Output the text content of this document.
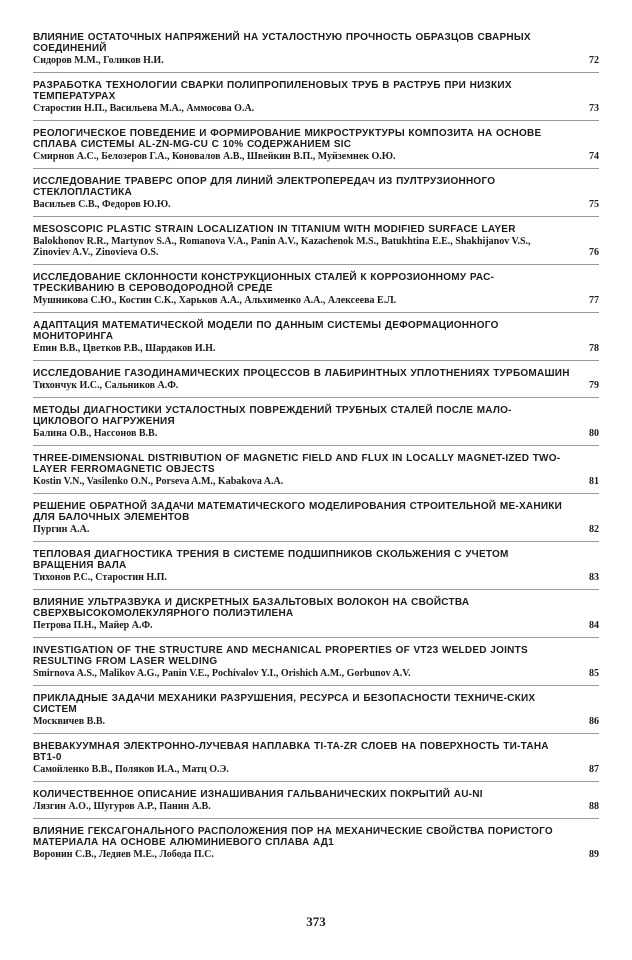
ВЛИЯНИЕ ОСТАТОЧНЫХ НАПРЯЖЕНИЙ НА УСТАЛОСТНУЮ ПРОЧНОСТЬ ОБРАЗЦОВ СВАРНЫХ СОЕДИНЕНИЙ
Сидоров М.М., Голиков Н.И.	72
РАЗРАБОТКА ТЕХНОЛОГИИ СВАРКИ ПОЛИПРОПИЛЕНОВЫХ ТРУБ В РАСТРУБ ПРИ НИЗКИХ ТЕМПЕРАТУРАХ
Старостин Н.П., Васильева М.А., Аммосова О.А.	73
РЕОЛОГИЧЕСКОЕ ПОВЕДЕНИЕ И ФОРМИРОВАНИЕ МИКРОСТРУКТУРЫ КОМПОЗИТА НА ОСНОВЕ СПЛАВА СИСТЕМЫ AL-ZN-MG-CU С 10% СОДЕРЖАНИЕМ SIC
Смирнов А.С., Белозеров Г.А., Коновалов А.В., Швейкин В.П., Муйземнек О.Ю.	74
ИССЛЕДОВАНИЕ ТРАВЕРС ОПОР ДЛЯ ЛИНИЙ ЭЛЕКТРОПЕРЕДАЧ ИЗ ПУЛТРУЗИОННОГО СТЕКЛОПЛАСТИКА
Васильев С.В., Федоров Ю.Ю.	75
MESOSCOPIC PLASTIC STRAIN LOCALIZATION IN TITANIUM WITH MODIFIED SURFACE LAYER
Balokhonov R.R., Martynov S.A., Romanova V.A., Panin A.V., Kazachenok M.S., Batukhtina E.E., Shakhijanov V.S., Zinoviev A.V., Zinovieva O.S.	76
ИССЛЕДОВАНИЕ СКЛОННОСТИ КОНСТРУКЦИОННЫХ СТАЛЕЙ К КОРРОЗИОННОМУ РАС-ТРЕСКИВАНИЮ В СЕРОВОДОРОДНОЙ СРЕДЕ
Мушникова С.Ю., Костин С.К., Харьков А.А., Альхименко А.А., Алексеева Е.Л.	77
АДАПТАЦИЯ МАТЕМАТИЧЕСКОЙ МОДЕЛИ ПО ДАННЫМ СИСТЕМЫ ДЕФОРМАЦИОННОГО МОНИТОРИНГА
Епин В.В., Цветков Р.В., Шардаков И.Н.	78
ИССЛЕДОВАНИЕ ГАЗОДИНАМИЧЕСКИХ ПРОЦЕССОВ В ЛАБИРИНТНЫХ УПЛОТНЕНИЯХ ТУРБОМАШИН
Тихончук И.С., Сальников А.Ф.	79
МЕТОДЫ ДИАГНОСТИКИ УСТАЛОСТНЫХ ПОВРЕЖДЕНИЙ ТРУБНЫХ СТАЛЕЙ ПОСЛЕ МАЛО-ЦИКЛОВОГО НАГРУЖЕНИЯ
Балина О.В., Нассонов В.В.	80
THREE-DIMENSIONAL DISTRIBUTION OF MAGNETIC FIELD AND FLUX IN LOCALLY MAGNET-IZED TWO-LAYER FERROMAGNETIC OBJECTS
Kostin V.N., Vasilenko O.N., Porseva A.M., Kabakova A.A.	81
РЕШЕНИЕ ОБРАТНОЙ ЗАДАЧИ МАТЕМАТИЧЕСКОГО МОДЕЛИРОВАНИЯ СТРОИТЕЛЬНОЙ МЕ-ХАНИКИ ДЛЯ БАЛОЧНЫХ ЭЛЕМЕНТОВ
Пургин А.А.	82
ТЕПЛОВАЯ ДИАГНОСТИКА ТРЕНИЯ В СИСТЕМЕ ПОДШИПНИКОВ СКОЛЬЖЕНИЯ С УЧЕТОМ ВРАЩЕНИЯ ВАЛА
Тихонов Р.С., Старостин Н.П.	83
ВЛИЯНИЕ УЛЬТРАЗВУКА И ДИСКРЕТНЫХ БАЗАЛЬТОВЫХ ВОЛОКОН НА СВОЙСТВА СВЕРХВЫСОКОМОЛЕКУЛЯРНОГО ПОЛИЭТИЛЕНА
Петрова П.Н., Майер А.Ф.	84
INVESTIGATION OF THE STRUCTURE AND MECHANICAL PROPERTIES OF VT23 WELDED JOINTS RESULTING FROM LASER WELDING
Smirnova A.S., Malikov A.G., Panin V.E., Pochivalov Y.I., Orishich A.M., Gorbunov A.V.	85
ПРИКЛАДНЫЕ ЗАДАЧИ МЕХАНИКИ РАЗРУШЕНИЯ, РЕСУРСА И БЕЗОПАСНОСТИ ТЕХНИЧЕ-СКИХ СИСТЕМ
Москвичев В.В.	86
ВНЕВАКУУМНАЯ ЭЛЕКТРОННО-ЛУЧЕВАЯ НАПЛАВКА TI-TA-ZR СЛОЕВ НА ПОВЕРХНОСТЬ ТИ-ТАНА ВТ1-0
Самойленко В.В., Поляков И.А., Матц О.Э.	87
КОЛИЧЕСТВЕННОЕ ОПИСАНИЕ ИЗНАШИВАНИЯ ГАЛЬВАНИЧЕСКИХ ПОКРЫТИЙ AU-NI
Лязгин А.О., Шугуров А.Р., Панин А.В.	88
ВЛИЯНИЕ ГЕКСАГОНАЛЬНОГО РАСПОЛОЖЕНИЯ ПОР НА МЕХАНИЧЕСКИЕ СВОЙСТВА ПОРИСТОГО МАТЕРИАЛА НА ОСНОВЕ АЛЮМИНИЕВОГО СПЛАВА АД1
Воронин С.В., Ледяев М.Е., Лобода П.С.	89
373
